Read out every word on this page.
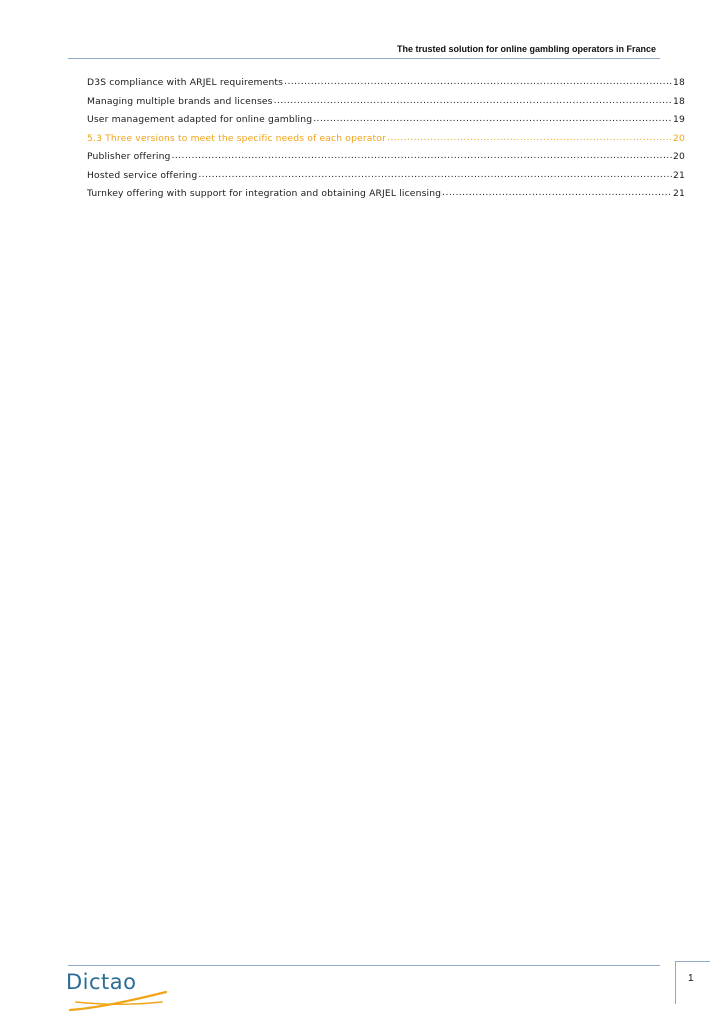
The trusted solution for online gambling operators in France
D3S compliance with ARJEL requirements .....	18
Managing multiple brands and licenses .....	18
User management adapted for online gambling .....	19
5.3 Three versions to meet the specific needs of each operator .....	20
Publisher offering .....	20
Hosted service offering .....	21
Turnkey offering with support for integration and obtaining ARJEL licensing .....	21
Dictao	1
